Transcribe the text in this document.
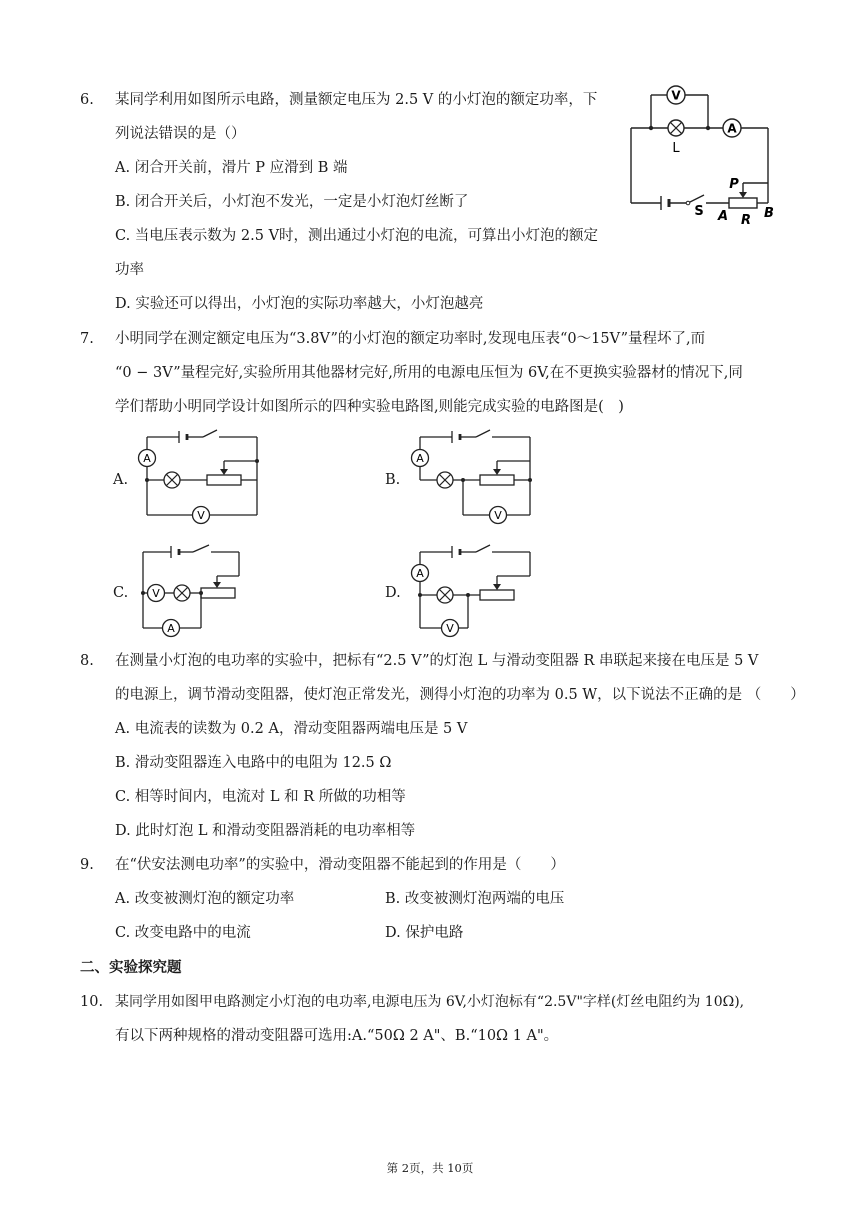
6. 某同学利用如图所示电路，测量额定电压为 2.5 V 的小灯泡的额定功率，下
列说法错误的是（）
A. 闭合开关前，滑片 P 应滑到 B 端
B. 闭合开关后，小灯泡不发光，一定是小灯泡灯丝断了
C. 当电压表示数为 2.5 V时，测出通过小灯泡的电流，可算出小灯泡的额定
功率
D. 实验还可以得出，小灯泡的实际功率越大，小灯泡越亮
V
A
L
P
S A R B
7. 小明同学在测定额定电压为“3.8V”的小灯泡的额定功率时,发现电压表“0～15V”量程坏了,而
“0 − 3V”量程完好,实验所用其他器材完好,所用的电源电压恒为 6V,在不更换实验器材的情况下,同
学们帮助小明同学设计如图所示的四种实验电路图,则能完成实验的电路图是(　)
A.	B.
C.	D.
A
V
A
V
V
A
A
V
8. 在测量小灯泡的电功率的实验中，把标有“2.5 V”的灯泡 L 与滑动变阻器 R 串联起来接在电压是 5 V
的电源上，调节滑动变阻器，使灯泡正常发光，测得小灯泡的功率为 0.5 W，以下说法不正确的是 （　　）
A. 电流表的读数为 0.2 A，滑动变阻器两端电压是 5 V
B. 滑动变阻器连入电路中的电阻为 12.5 Ω
C. 相等时间内，电流对 L 和 R 所做的功相等
D. 此时灯泡 L 和滑动变阻器消耗的电功率相等
9. 在“伏安法测电功率”的实验中，滑动变阻器不能起到的作用是（　　）
A. 改变被测灯泡的额定功率	B. 改变被测灯泡两端的电压
C. 改变电路中的电流	D. 保护电路
二、实验探究题
10. 某同学用如图甲电路测定小灯泡的电功率,电源电压为 6V,小灯泡标有“2.5V"字样(灯丝电阻约为 10Ω),
有以下两种规格的滑动变阻器可选用:A.“50Ω 2 A"、B.“10Ω 1 A"。
第 2页，共 10页
